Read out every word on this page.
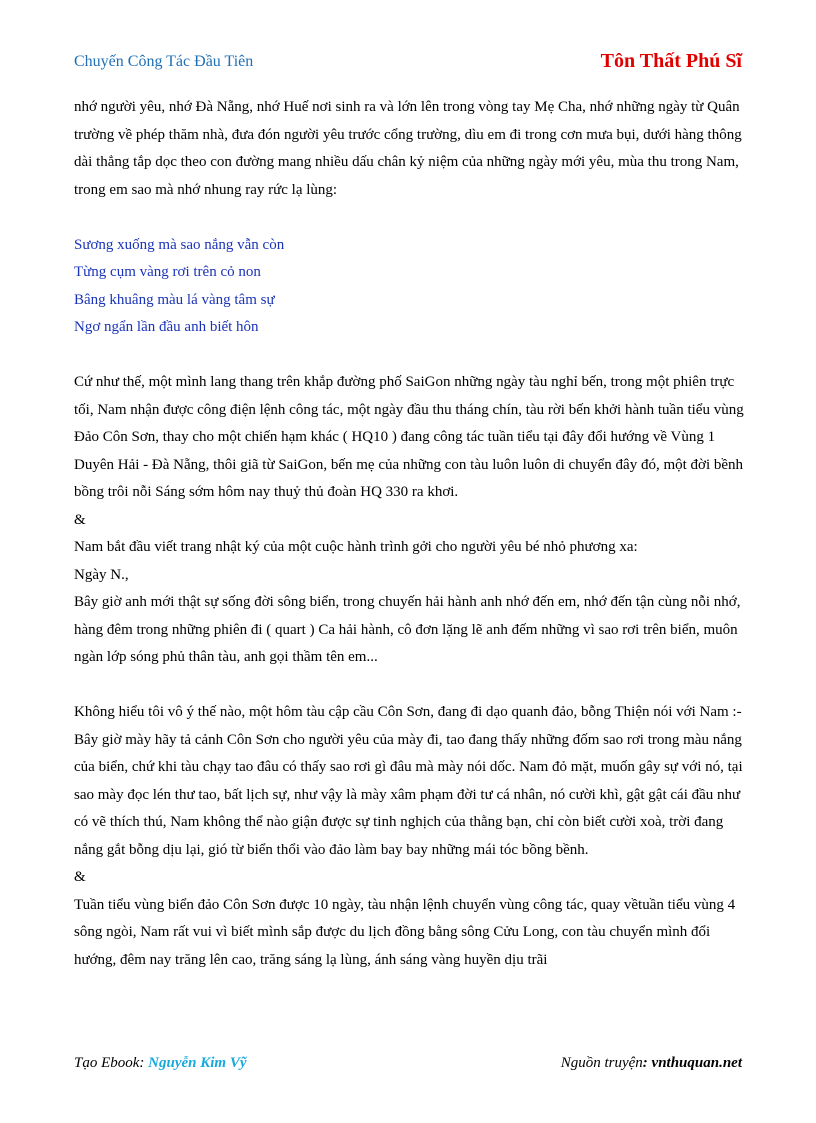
Chuyến Công Tác Đầu Tiên	Tôn Thất Phú Sĩ

nhớ người yêu, nhớ Đà Nẵng, nhớ Huế nơi sinh ra và lớn lên trong vòng tay Mẹ Cha, nhớ những ngày từ Quân trường về phép thăm nhà, đưa đón người yêu trước cổng trường, dìu em đi trong cơn mưa bụi, dưới hàng thông dài thẳng tắp dọc theo con đường mang nhiều dấu chân kỷ niệm của những ngày mới yêu, mùa thu trong Nam, trong em sao mà nhớ nhung ray rức lạ lùng:

Sương xuống mà sao nắng vẫn còn

Từng cụm vàng rơi trên cỏ non

Bâng khuâng màu lá vàng tâm sự

Ngơ ngẩn lần đầu anh biết hôn

Cứ như thế, một mình lang thang trên khắp đường phố SaiGon những ngày tàu nghỉ bến, trong một phiên trực tối, Nam nhận được công điện lệnh công tác, một ngày đầu thu tháng chín, tàu rời bến khởi hành tuần tiểu vùng Đảo Côn Sơn, thay cho một chiến hạm khác ( HQ10 ) đang công tác tuần tiểu tại đây đổi hướng về Vùng 1 Duyên Hải - Đà Nẵng, thôi giã từ SaiGon, bến mẹ của những con tàu luôn luôn di chuyển đây đó, một đời bềnh bồng trôi nỗi Sáng sớm hôm nay thuỷ thủ đoàn HQ 330 ra khơi.

&

Nam bắt đầu viết trang nhật ký của một cuộc hành trình gởi cho người yêu bé nhỏ phương xa:

Ngày N.,

Bây giờ anh mới thật sự sống đời sông biển, trong chuyến hải hành anh nhớ đến em, nhớ đến tận cùng nỗi nhớ, hàng đêm trong những phiên đi ( quart ) Ca hải hành, cô đơn lặng lẽ anh đếm những vì sao rơi trên biển, muôn ngàn lớp sóng phủ thân tàu, anh gọi thầm tên em...

Không hiểu tôi vô ý thế nào, một hôm tàu cập cầu Côn Sơn, đang đi dạo quanh đảo, bỗng Thiện nói với Nam :- Bây giờ mày hãy tả cảnh Côn Sơn cho người yêu của mày đi, tao đang thấy những đốm sao rơi trong màu nắng của biển, chứ khi tàu chạy tao đâu có thấy sao rơi gì đâu mà mày nói dốc. Nam đỏ mặt, muốn gây sự với nó, tại sao mày đọc lén thư tao, bất lịch sự, như vậy là mày xâm phạm đời tư cá nhân, nó cười khì, gật gật cái đầu như có vẽ thích thú, Nam không thể nào giận được sự tinh nghịch của thằng bạn, chỉ còn biết cười xoà, trời đang nắng gắt bỗng dịu lại, gió từ biển thổi vào đảo làm bay bay những mái tóc bồng bềnh.

&

Tuần tiểu vùng biển đảo Côn Sơn được 10 ngày, tàu nhận lệnh chuyển vùng công tác, quay vềtuần tiểu vùng 4 sông ngòi, Nam rất vui vì biết mình sắp được du lịch đồng bằng sông Cửu Long, con tàu chuyển mình đổi hướng, đêm nay trăng lên cao, trăng sáng lạ lùng, ánh sáng vàng huyền dịu trãi

Tạo Ebook: Nguyễn Kim Vỹ	Nguồn truyện: vnthuquan.net
